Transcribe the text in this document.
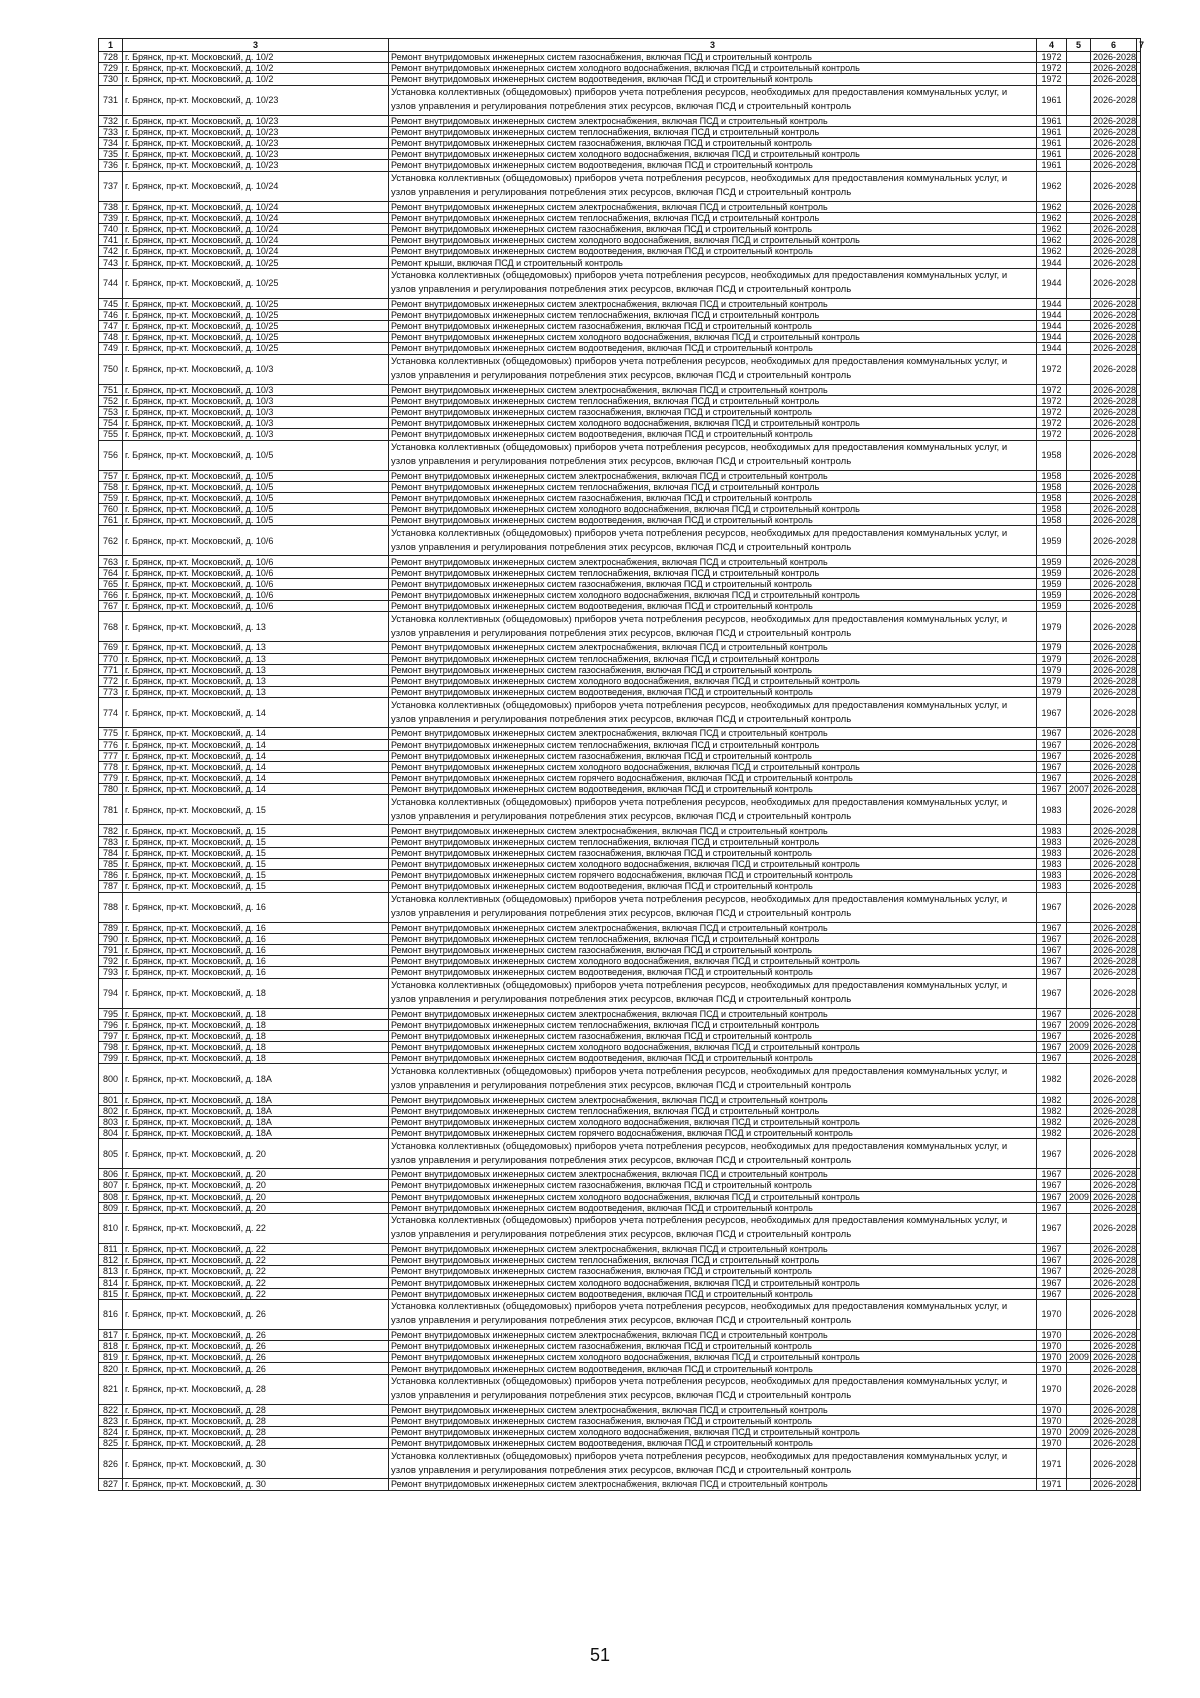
1	3	3	4	5	6	7
728	г. Брянск, пр-кт. Московский, д. 10/2	Ремонт внутридомовых инженерных систем газоснабжения, включая ПСД и строительный контроль	1972		2026-2028	
729	г. Брянск, пр-кт. Московский, д. 10/2	Ремонт внутридомовых инженерных систем холодного водоснабжения, включая ПСД и строительный контроль	1972		2026-2028	
730	г. Брянск, пр-кт. Московский, д. 10/2	Ремонт внутридомовых инженерных систем водоотведения, включая ПСД и строительный контроль	1972		2026-2028	
731	г. Брянск, пр-кт. Московский, д. 10/23	Установка коллективных (общедомовых) приборов учета потребления ресурсов, необходимых для предоставления коммунальных услуг, и узлов управления и регулирования потребления этих ресурсов, включая ПСД и строительный контроль	1961		2026-2028	
732	г. Брянск, пр-кт. Московский, д. 10/23	Ремонт внутридомовых инженерных систем электроснабжения, включая ПСД и строительный контроль	1961		2026-2028	
733	г. Брянск, пр-кт. Московский, д. 10/23	Ремонт внутридомовых инженерных систем теплоснабжения, включая ПСД и строительный контроль	1961		2026-2028	
734	г. Брянск, пр-кт. Московский, д. 10/23	Ремонт внутридомовых инженерных систем газоснабжения, включая ПСД и строительный контроль	1961		2026-2028	
735	г. Брянск, пр-кт. Московский, д. 10/23	Ремонт внутридомовых инженерных систем холодного водоснабжения, включая ПСД и строительный контроль	1961		2026-2028	
736	г. Брянск, пр-кт. Московский, д. 10/23	Ремонт внутридомовых инженерных систем водоотведения, включая ПСД и строительный контроль	1961		2026-2028	
737	г. Брянск, пр-кт. Московский, д. 10/24	Установка коллективных (общедомовых) приборов учета потребления ресурсов, необходимых для предоставления коммунальных услуг, и узлов управления и регулирования потребления этих ресурсов, включая ПСД и строительный контроль	1962		2026-2028	
738	г. Брянск, пр-кт. Московский, д. 10/24	Ремонт внутридомовых инженерных систем электроснабжения, включая ПСД и строительный контроль	1962		2026-2028	
739	г. Брянск, пр-кт. Московский, д. 10/24	Ремонт внутридомовых инженерных систем теплоснабжения, включая ПСД и строительный контроль	1962		2026-2028	
740	г. Брянск, пр-кт. Московский, д. 10/24	Ремонт внутридомовых инженерных систем газоснабжения, включая ПСД и строительный контроль	1962		2026-2028	
741	г. Брянск, пр-кт. Московский, д. 10/24	Ремонт внутридомовых инженерных систем холодного водоснабжения, включая ПСД и строительный контроль	1962		2026-2028	
742	г. Брянск, пр-кт. Московский, д. 10/24	Ремонт внутридомовых инженерных систем водоотведения, включая ПСД и строительный контроль	1962		2026-2028	
743	г. Брянск, пр-кт. Московский, д. 10/25	Ремонт крыши, включая ПСД и строительный контроль	1944		2026-2028	
744	г. Брянск, пр-кт. Московский, д. 10/25	Установка коллективных (общедомовых) приборов учета потребления ресурсов, необходимых для предоставления коммунальных услуг, и узлов управления и регулирования потребления этих ресурсов, включая ПСД и строительный контроль	1944		2026-2028	
745	г. Брянск, пр-кт. Московский, д. 10/25	Ремонт внутридомовых инженерных систем электроснабжения, включая ПСД и строительный контроль	1944		2026-2028	
746	г. Брянск, пр-кт. Московский, д. 10/25	Ремонт внутридомовых инженерных систем теплоснабжения, включая ПСД и строительный контроль	1944		2026-2028	
747	г. Брянск, пр-кт. Московский, д. 10/25	Ремонт внутридомовых инженерных систем газоснабжения, включая ПСД и строительный контроль	1944		2026-2028	
748	г. Брянск, пр-кт. Московский, д. 10/25	Ремонт внутридомовых инженерных систем холодного водоснабжения, включая ПСД и строительный контроль	1944		2026-2028	
749	г. Брянск, пр-кт. Московский, д. 10/25	Ремонт внутридомовых инженерных систем водоотведения, включая ПСД и строительный контроль	1944		2026-2028	
750	г. Брянск, пр-кт. Московский, д. 10/3	Установка коллективных (общедомовых) приборов учета потребления ресурсов, необходимых для предоставления коммунальных услуг, и узлов управления и регулирования потребления этих ресурсов, включая ПСД и строительный контроль	1972		2026-2028	
751	г. Брянск, пр-кт. Московский, д. 10/3	Ремонт внутридомовых инженерных систем электроснабжения, включая ПСД и строительный контроль	1972		2026-2028	
752	г. Брянск, пр-кт. Московский, д. 10/3	Ремонт внутридомовых инженерных систем теплоснабжения, включая ПСД и строительный контроль	1972		2026-2028	
753	г. Брянск, пр-кт. Московский, д. 10/3	Ремонт внутридомовых инженерных систем газоснабжения, включая ПСД и строительный контроль	1972		2026-2028	
754	г. Брянск, пр-кт. Московский, д. 10/3	Ремонт внутридомовых инженерных систем холодного водоснабжения, включая ПСД и строительный контроль	1972		2026-2028	
755	г. Брянск, пр-кт. Московский, д. 10/3	Ремонт внутридомовых инженерных систем водоотведения, включая ПСД и строительный контроль	1972		2026-2028	
756	г. Брянск, пр-кт. Московский, д. 10/5	Установка коллективных (общедомовых) приборов учета потребления ресурсов, необходимых для предоставления коммунальных услуг, и узлов управления и регулирования потребления этих ресурсов, включая ПСД и строительный контроль	1958		2026-2028	
757	г. Брянск, пр-кт. Московский, д. 10/5	Ремонт внутридомовых инженерных систем электроснабжения, включая ПСД и строительный контроль	1958		2026-2028	
758	г. Брянск, пр-кт. Московский, д. 10/5	Ремонт внутридомовых инженерных систем теплоснабжения, включая ПСД и строительный контроль	1958		2026-2028	
759	г. Брянск, пр-кт. Московский, д. 10/5	Ремонт внутридомовых инженерных систем газоснабжения, включая ПСД и строительный контроль	1958		2026-2028	
760	г. Брянск, пр-кт. Московский, д. 10/5	Ремонт внутридомовых инженерных систем холодного водоснабжения, включая ПСД и строительный контроль	1958		2026-2028	
761	г. Брянск, пр-кт. Московский, д. 10/5	Ремонт внутридомовых инженерных систем водоотведения, включая ПСД и строительный контроль	1958		2026-2028	
762	г. Брянск, пр-кт. Московский, д. 10/6	Установка коллективных (общедомовых) приборов учета потребления ресурсов, необходимых для предоставления коммунальных услуг, и узлов управления и регулирования потребления этих ресурсов, включая ПСД и строительный контроль	1959		2026-2028	
763	г. Брянск, пр-кт. Московский, д. 10/6	Ремонт внутридомовых инженерных систем электроснабжения, включая ПСД и строительный контроль	1959		2026-2028	
764	г. Брянск, пр-кт. Московский, д. 10/6	Ремонт внутридомовых инженерных систем теплоснабжения, включая ПСД и строительный контроль	1959		2026-2028	
765	г. Брянск, пр-кт. Московский, д. 10/6	Ремонт внутридомовых инженерных систем газоснабжения, включая ПСД и строительный контроль	1959		2026-2028	
766	г. Брянск, пр-кт. Московский, д. 10/6	Ремонт внутридомовых инженерных систем холодного водоснабжения, включая ПСД и строительный контроль	1959		2026-2028	
767	г. Брянск, пр-кт. Московский, д. 10/6	Ремонт внутридомовых инженерных систем водоотведения, включая ПСД и строительный контроль	1959		2026-2028	
768	г. Брянск, пр-кт. Московский, д. 13	Установка коллективных (общедомовых) приборов учета потребления ресурсов, необходимых для предоставления коммунальных услуг, и узлов управления и регулирования потребления этих ресурсов, включая ПСД и строительный контроль	1979		2026-2028	
769	г. Брянск, пр-кт. Московский, д. 13	Ремонт внутридомовых инженерных систем электроснабжения, включая ПСД и строительный контроль	1979		2026-2028	
770	г. Брянск, пр-кт. Московский, д. 13	Ремонт внутридомовых инженерных систем теплоснабжения, включая ПСД и строительный контроль	1979		2026-2028	
771	г. Брянск, пр-кт. Московский, д. 13	Ремонт внутридомовых инженерных систем газоснабжения, включая ПСД и строительный контроль	1979		2026-2028	
772	г. Брянск, пр-кт. Московский, д. 13	Ремонт внутридомовых инженерных систем холодного водоснабжения, включая ПСД и строительный контроль	1979		2026-2028	
773	г. Брянск, пр-кт. Московский, д. 13	Ремонт внутридомовых инженерных систем водоотведения, включая ПСД и строительный контроль	1979		2026-2028	
774	г. Брянск, пр-кт. Московский, д. 14	Установка коллективных (общедомовых) приборов учета потребления ресурсов, необходимых для предоставления коммунальных услуг, и узлов управления и регулирования потребления этих ресурсов, включая ПСД и строительный контроль	1967		2026-2028	
775	г. Брянск, пр-кт. Московский, д. 14	Ремонт внутридомовых инженерных систем электроснабжения, включая ПСД и строительный контроль	1967		2026-2028	
776	г. Брянск, пр-кт. Московский, д. 14	Ремонт внутридомовых инженерных систем теплоснабжения, включая ПСД и строительный контроль	1967		2026-2028	
777	г. Брянск, пр-кт. Московский, д. 14	Ремонт внутридомовых инженерных систем газоснабжения, включая ПСД и строительный контроль	1967		2026-2028	
778	г. Брянск, пр-кт. Московский, д. 14	Ремонт внутридомовых инженерных систем холодного водоснабжения, включая ПСД и строительный контроль	1967		2026-2028	
779	г. Брянск, пр-кт. Московский, д. 14	Ремонт внутридомовых инженерных систем горячего водоснабжения, включая ПСД и строительный контроль	1967		2026-2028	
780	г. Брянск, пр-кт. Московский, д. 14	Ремонт внутридомовых инженерных систем водоотведения, включая ПСД и строительный контроль	1967	2007	2026-2028	
781	г. Брянск, пр-кт. Московский, д. 15	Установка коллективных (общедомовых) приборов учета потребления ресурсов, необходимых для предоставления коммунальных услуг, и узлов управления и регулирования потребления этих ресурсов, включая ПСД и строительный контроль	1983		2026-2028	
782	г. Брянск, пр-кт. Московский, д. 15	Ремонт внутридомовых инженерных систем электроснабжения, включая ПСД и строительный контроль	1983		2026-2028	
783	г. Брянск, пр-кт. Московский, д. 15	Ремонт внутридомовых инженерных систем теплоснабжения, включая ПСД и строительный контроль	1983		2026-2028	
784	г. Брянск, пр-кт. Московский, д. 15	Ремонт внутридомовых инженерных систем газоснабжения, включая ПСД и строительный контроль	1983		2026-2028	
785	г. Брянск, пр-кт. Московский, д. 15	Ремонт внутридомовых инженерных систем холодного водоснабжения, включая ПСД и строительный контроль	1983		2026-2028	
786	г. Брянск, пр-кт. Московский, д. 15	Ремонт внутридомовых инженерных систем горячего водоснабжения, включая ПСД и строительный контроль	1983		2026-2028	
787	г. Брянск, пр-кт. Московский, д. 15	Ремонт внутридомовых инженерных систем водоотведения, включая ПСД и строительный контроль	1983		2026-2028	
788	г. Брянск, пр-кт. Московский, д. 16	Установка коллективных (общедомовых) приборов учета потребления ресурсов, необходимых для предоставления коммунальных услуг, и узлов управления и регулирования потребления этих ресурсов, включая ПСД и строительный контроль	1967		2026-2028	
789	г. Брянск, пр-кт. Московский, д. 16	Ремонт внутридомовых инженерных систем электроснабжения, включая ПСД и строительный контроль	1967		2026-2028	
790	г. Брянск, пр-кт. Московский, д. 16	Ремонт внутридомовых инженерных систем теплоснабжения, включая ПСД и строительный контроль	1967		2026-2028	
791	г. Брянск, пр-кт. Московский, д. 16	Ремонт внутридомовых инженерных систем газоснабжения, включая ПСД и строительный контроль	1967		2026-2028	
792	г. Брянск, пр-кт. Московский, д. 16	Ремонт внутридомовых инженерных систем холодного водоснабжения, включая ПСД и строительный контроль	1967		2026-2028	
793	г. Брянск, пр-кт. Московский, д. 16	Ремонт внутридомовых инженерных систем водоотведения, включая ПСД и строительный контроль	1967		2026-2028	
794	г. Брянск, пр-кт. Московский, д. 18	Установка коллективных (общедомовых) приборов учета потребления ресурсов, необходимых для предоставления коммунальных услуг, и узлов управления и регулирования потребления этих ресурсов, включая ПСД и строительный контроль	1967		2026-2028	
795	г. Брянск, пр-кт. Московский, д. 18	Ремонт внутридомовых инженерных систем электроснабжения, включая ПСД и строительный контроль	1967		2026-2028	
796	г. Брянск, пр-кт. Московский, д. 18	Ремонт внутридомовых инженерных систем теплоснабжения, включая ПСД и строительный контроль	1967	2009	2026-2028	
797	г. Брянск, пр-кт. Московский, д. 18	Ремонт внутридомовых инженерных систем газоснабжения, включая ПСД и строительный контроль	1967		2026-2028	
798	г. Брянск, пр-кт. Московский, д. 18	Ремонт внутридомовых инженерных систем холодного водоснабжения, включая ПСД и строительный контроль	1967	2009	2026-2028	
799	г. Брянск, пр-кт. Московский, д. 18	Ремонт внутридомовых инженерных систем водоотведения, включая ПСД и строительный контроль	1967		2026-2028	
800	г. Брянск, пр-кт. Московский, д. 18А	Установка коллективных (общедомовых) приборов учета потребления ресурсов, необходимых для предоставления коммунальных услуг, и узлов управления и регулирования потребления этих ресурсов, включая ПСД и строительный контроль	1982		2026-2028	
801	г. Брянск, пр-кт. Московский, д. 18А	Ремонт внутридомовых инженерных систем электроснабжения, включая ПСД и строительный контроль	1982		2026-2028	
802	г. Брянск, пр-кт. Московский, д. 18А	Ремонт внутридомовых инженерных систем теплоснабжения, включая ПСД и строительный контроль	1982		2026-2028	
803	г. Брянск, пр-кт. Московский, д. 18А	Ремонт внутридомовых инженерных систем холодного водоснабжения, включая ПСД и строительный контроль	1982		2026-2028	
804	г. Брянск, пр-кт. Московский, д. 18А	Ремонт внутридомовых инженерных систем горячего водоснабжения, включая ПСД и строительный контроль	1982		2026-2028	
805	г. Брянск, пр-кт. Московский, д. 20	Установка коллективных (общедомовых) приборов учета потребления ресурсов, необходимых для предоставления коммунальных услуг, и узлов управления и регулирования потребления этих ресурсов, включая ПСД и строительный контроль	1967		2026-2028	
806	г. Брянск, пр-кт. Московский, д. 20	Ремонт внутридомовых инженерных систем электроснабжения, включая ПСД и строительный контроль	1967		2026-2028	
807	г. Брянск, пр-кт. Московский, д. 20	Ремонт внутридомовых инженерных систем газоснабжения, включая ПСД и строительный контроль	1967		2026-2028	
808	г. Брянск, пр-кт. Московский, д. 20	Ремонт внутридомовых инженерных систем холодного водоснабжения, включая ПСД и строительный контроль	1967	2009	2026-2028	
809	г. Брянск, пр-кт. Московский, д. 20	Ремонт внутридомовых инженерных систем водоотведения, включая ПСД и строительный контроль	1967		2026-2028	
810	г. Брянск, пр-кт. Московский, д. 22	Установка коллективных (общедомовых) приборов учета потребления ресурсов, необходимых для предоставления коммунальных услуг, и узлов управления и регулирования потребления этих ресурсов, включая ПСД и строительный контроль	1967		2026-2028	
811	г. Брянск, пр-кт. Московский, д. 22	Ремонт внутридомовых инженерных систем электроснабжения, включая ПСД и строительный контроль	1967		2026-2028	
812	г. Брянск, пр-кт. Московский, д. 22	Ремонт внутридомовых инженерных систем теплоснабжения, включая ПСД и строительный контроль	1967		2026-2028	
813	г. Брянск, пр-кт. Московский, д. 22	Ремонт внутридомовых инженерных систем газоснабжения, включая ПСД и строительный контроль	1967		2026-2028	
814	г. Брянск, пр-кт. Московский, д. 22	Ремонт внутридомовых инженерных систем холодного водоснабжения, включая ПСД и строительный контроль	1967		2026-2028	
815	г. Брянск, пр-кт. Московский, д. 22	Ремонт внутридомовых инженерных систем водоотведения, включая ПСД и строительный контроль	1967		2026-2028	
816	г. Брянск, пр-кт. Московский, д. 26	Установка коллективных (общедомовых) приборов учета потребления ресурсов, необходимых для предоставления коммунальных услуг, и узлов управления и регулирования потребления этих ресурсов, включая ПСД и строительный контроль	1970		2026-2028	
817	г. Брянск, пр-кт. Московский, д. 26	Ремонт внутридомовых инженерных систем электроснабжения, включая ПСД и строительный контроль	1970		2026-2028	
818	г. Брянск, пр-кт. Московский, д. 26	Ремонт внутридомовых инженерных систем газоснабжения, включая ПСД и строительный контроль	1970		2026-2028	
819	г. Брянск, пр-кт. Московский, д. 26	Ремонт внутридомовых инженерных систем холодного водоснабжения, включая ПСД и строительный контроль	1970	2009	2026-2028	
820	г. Брянск, пр-кт. Московский, д. 26	Ремонт внутридомовых инженерных систем водоотведения, включая ПСД и строительный контроль	1970		2026-2028	
821	г. Брянск, пр-кт. Московский, д. 28	Установка коллективных (общедомовых) приборов учета потребления ресурсов, необходимых для предоставления коммунальных услуг, и узлов управления и регулирования потребления этих ресурсов, включая ПСД и строительный контроль	1970		2026-2028	
822	г. Брянск, пр-кт. Московский, д. 28	Ремонт внутридомовых инженерных систем электроснабжения, включая ПСД и строительный контроль	1970		2026-2028	
823	г. Брянск, пр-кт. Московский, д. 28	Ремонт внутридомовых инженерных систем газоснабжения, включая ПСД и строительный контроль	1970		2026-2028	
824	г. Брянск, пр-кт. Московский, д. 28	Ремонт внутридомовых инженерных систем холодного водоснабжения, включая ПСД и строительный контроль	1970	2009	2026-2028	
825	г. Брянск, пр-кт. Московский, д. 28	Ремонт внутридомовых инженерных систем водоотведения, включая ПСД и строительный контроль	1970		2026-2028	
826	г. Брянск, пр-кт. Московский, д. 30	Установка коллективных (общедомовых) приборов учета потребления ресурсов, необходимых для предоставления коммунальных услуг, и узлов управления и регулирования потребления этих ресурсов, включая ПСД и строительный контроль	1971		2026-2028	
827	г. Брянск, пр-кт. Московский, д. 30	Ремонт внутридомовых инженерных систем электроснабжения, включая ПСД и строительный контроль	1971		2026-2028	
51
